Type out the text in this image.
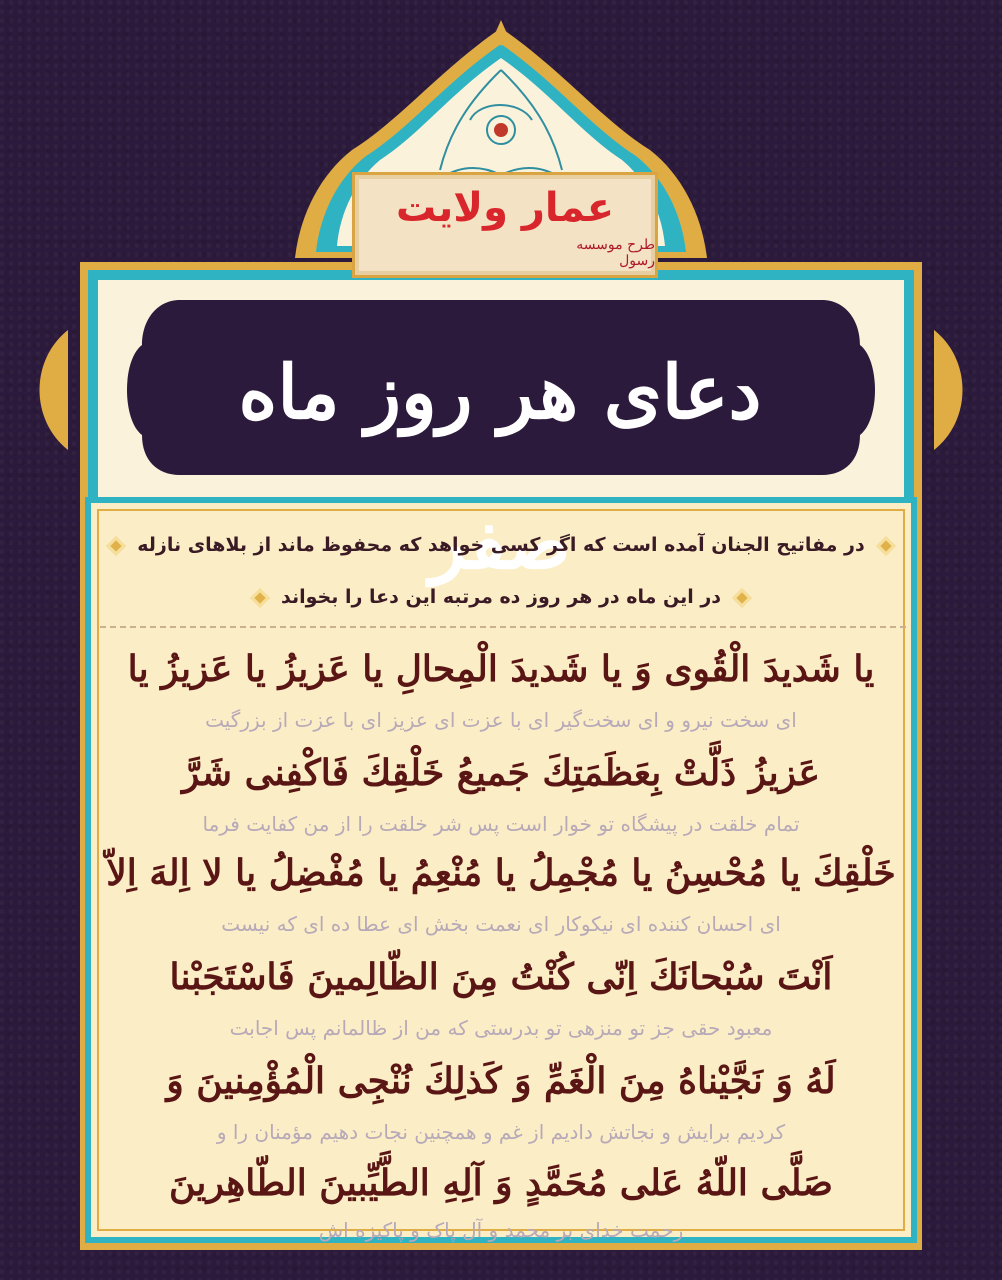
عمار ولایت
طرح موسسه رسول
دعای هر روز ماه صفر
در مفاتیح الجنان آمده است که اگر کسی خواهد که محفوظ ماند از بلاهای نازله
در این ماه در هر روز ده مرتبه این دعا را بخواند
یا شَدیدَ الْقُوی وَ یا شَدیدَ الْمِحالِ یا عَزیزُ یا عَزیزُ یا
ای سخت نیرو و ای سخت‌گیر ای با عزت ای عزیز ای با عزت از بزرگیت
عَزیزُ ذَلَّتْ بِعَظَمَتِكَ جَمیعُ خَلْقِكَ فَاکْفِنی شَرَّ
تمام خلقت در پیشگاه تو خوار است پس شر خلقت را از من کفایت فرما
خَلْقِكَ یا مُحْسِنُ یا مُجْمِلُ یا مُنْعِمُ یا مُفْضِلُ یا لا اِلهَ اِلاّ
ای احسان کننده ای نیکوکار ای نعمت بخش ای عطا ده ای که نیست
اَنْتَ سُبْحانَكَ اِنّی کُنْتُ مِنَ الظّالِمینَ فَاسْتَجَبْنا
معبود حقی جز تو منزهی تو بدرستی که من از ظالمانم پس اجابت
لَهُ وَ نَجَّیْناهُ مِنَ الْغَمِّ وَ کَذلِكَ نُنْجِی الْمُؤْمِنینَ وَ
کردیم برایش و نجاتش دادیم از غم و همچنین نجات دهیم مؤمنان را و
صَلَّی اللّهُ عَلی مُحَمَّدٍ وَ آلِهِ الطَّیِّبینَ الطّاهِرینَ
رحمت خدای بر محمد و آل پاک و پاکیزه اش
